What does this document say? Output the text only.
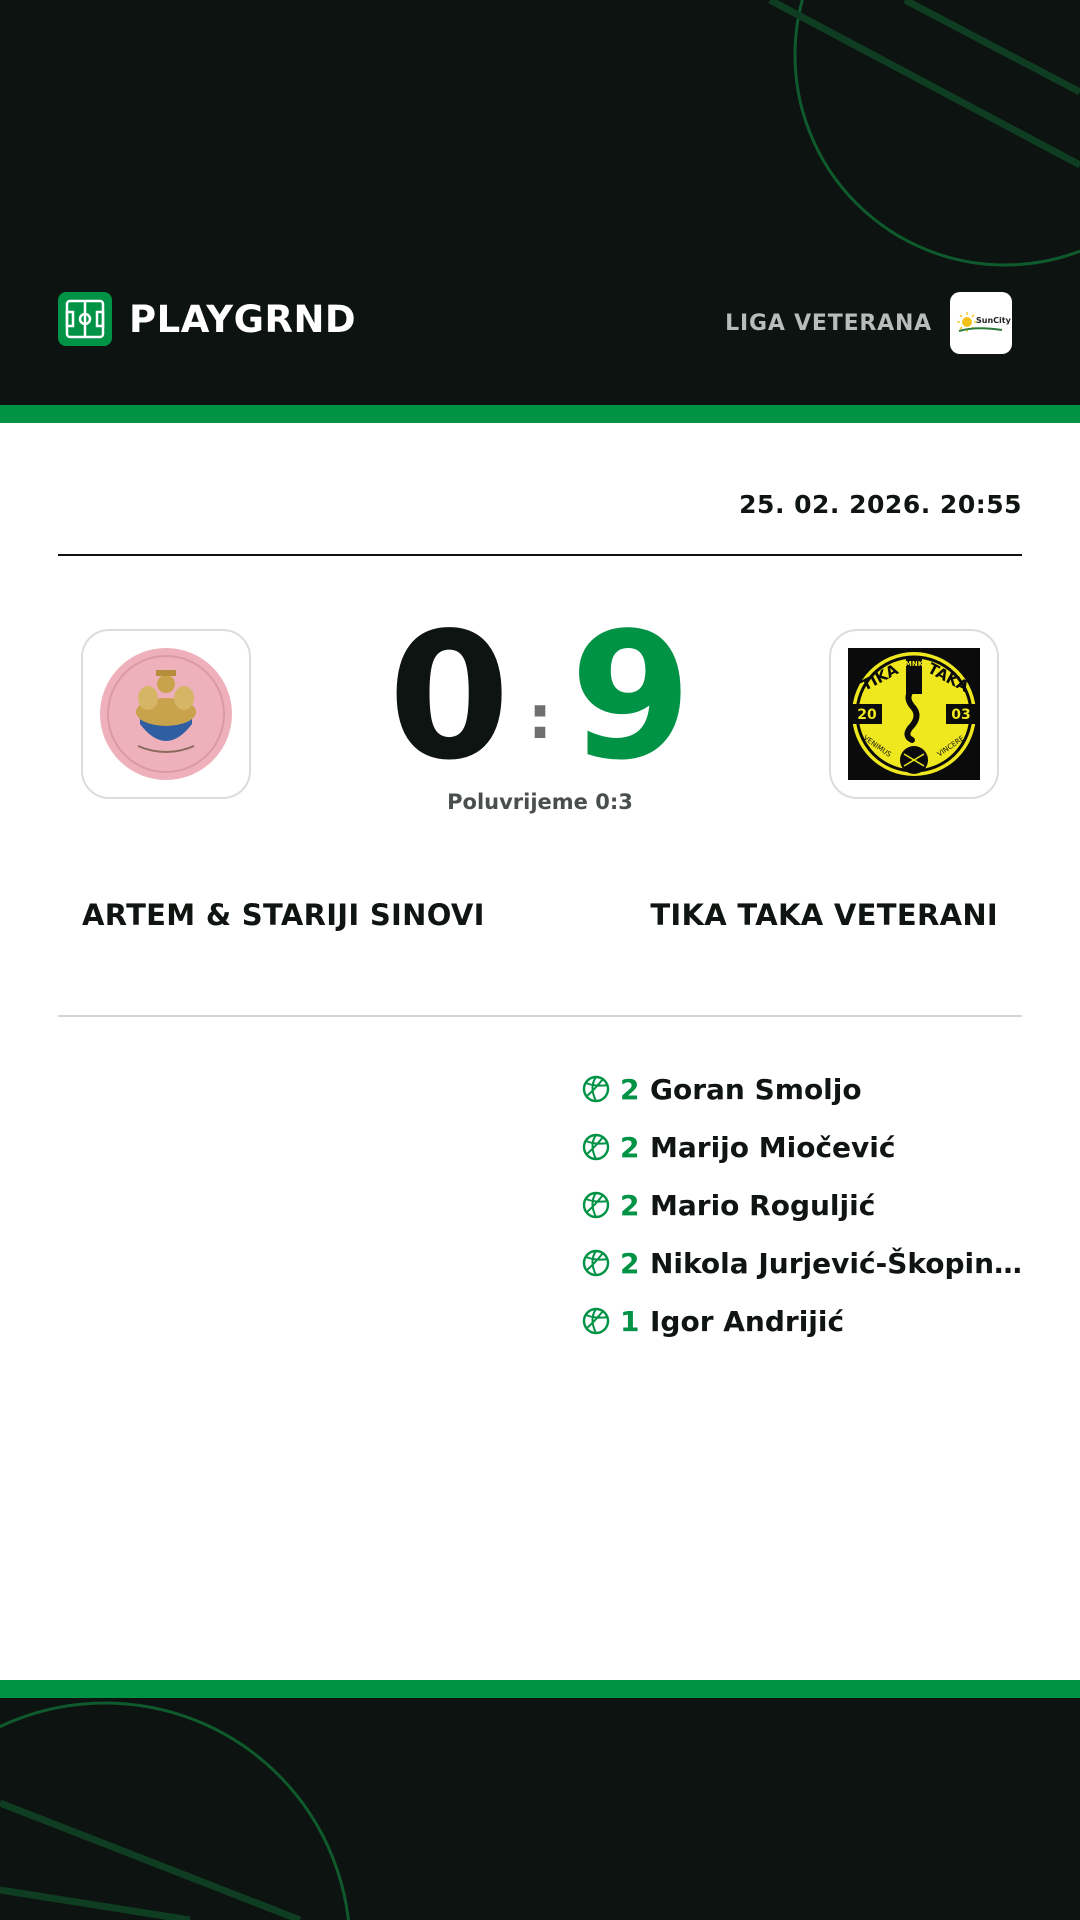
PLAYGRND	LIGA VETERANA	SunCity
25. 02. 2026. 20:55
0 : 9
Poluvrijeme 0:3
MNK
TIKA TAKA
20	03
VENIMUS	VINCERE
ARTEM & STARIJI SINOVI	TIKA TAKA VETERANI
2 Goran Smoljo
2 Marijo Miočević
2 Mario Roguljić
2 Nikola Jurjević-Škopin…
1 Igor Andrijić
